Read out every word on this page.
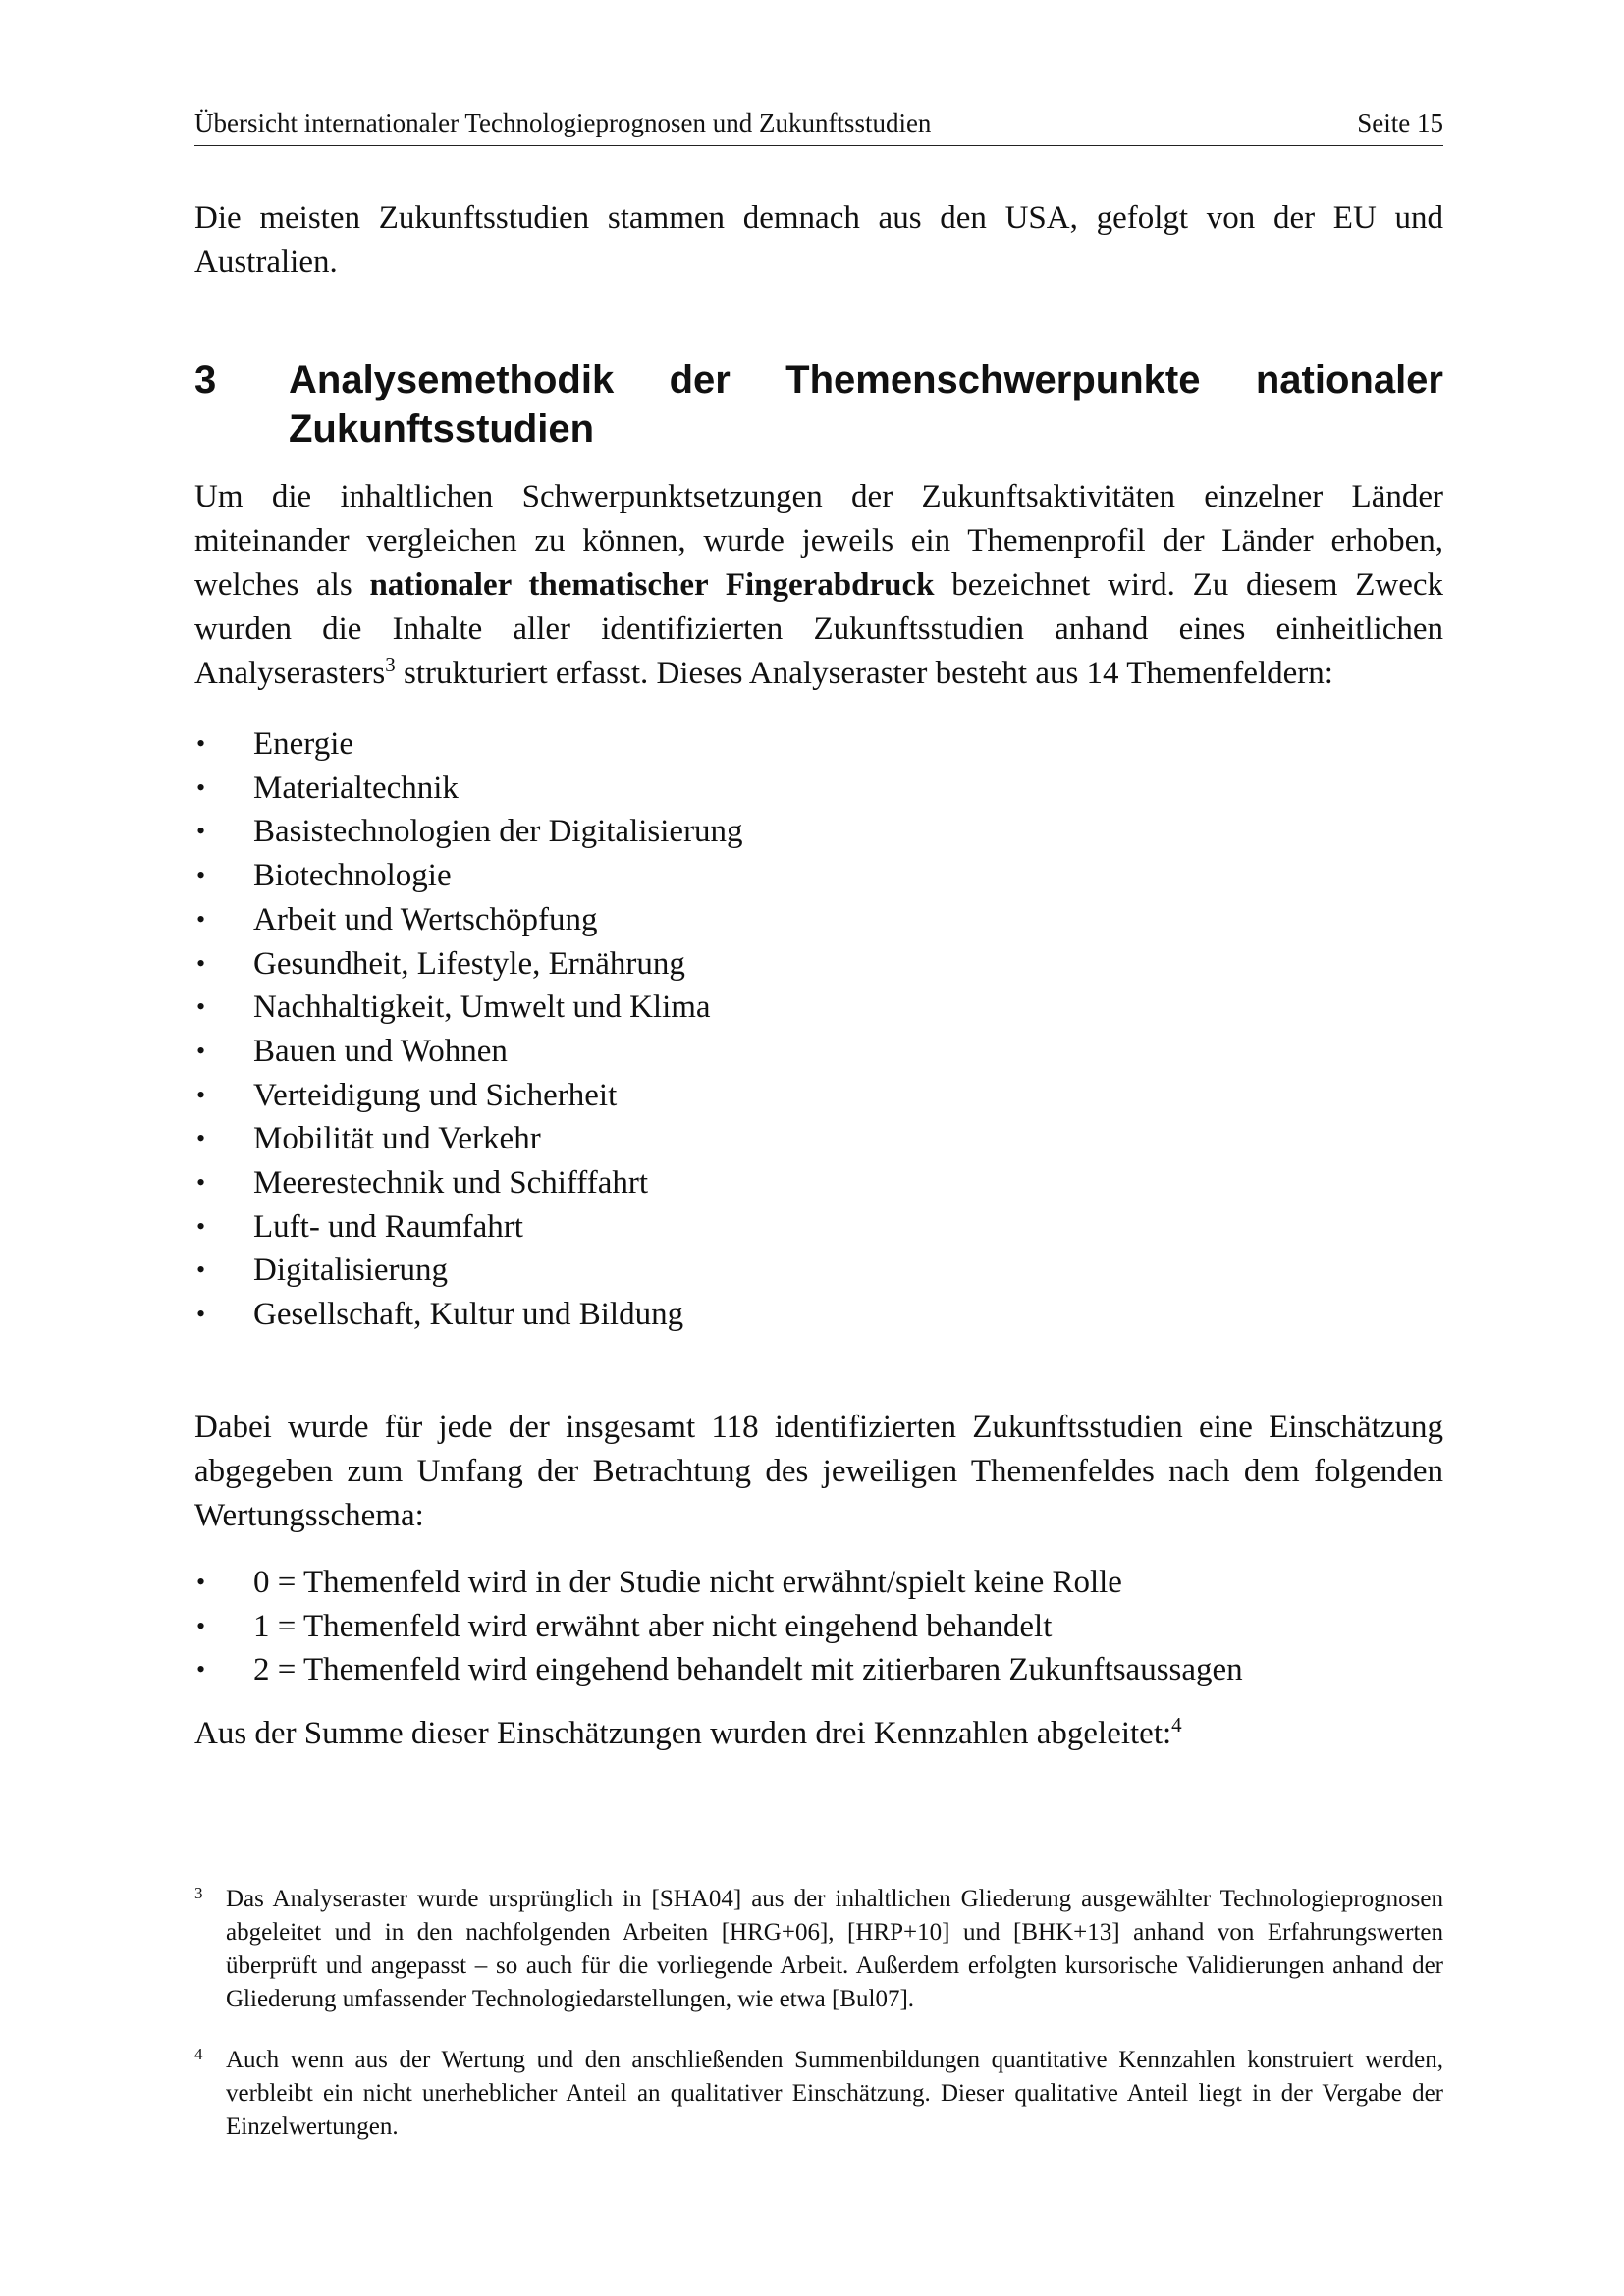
Übersicht internationaler Technologieprognosen und Zukunftsstudien	Seite 15

Die meisten Zukunftsstudien stammen demnach aus den USA, gefolgt von der EU und Australien.

3 Analysemethodik der Themenschwerpunkte nationaler Zukunftsstudien

Um die inhaltlichen Schwerpunktsetzungen der Zukunftsaktivitäten einzelner Länder miteinander vergleichen zu können, wurde jeweils ein Themenprofil der Länder erhoben, welches als nationaler thematischer Fingerabdruck bezeichnet wird. Zu diesem Zweck wurden die Inhalte aller identifizierten Zukunftsstudien anhand eines einheitlichen Analyserasters$^3$ strukturiert erfasst. Dieses Analyseraster besteht aus 14 Themenfeldern:

• Energie
• Materialtechnik
• Basistechnologien der Digitalisierung
• Biotechnologie
• Arbeit und Wertschöpfung
• Gesundheit, Lifestyle, Ernährung
• Nachhaltigkeit, Umwelt und Klima
• Bauen und Wohnen
• Verteidigung und Sicherheit
• Mobilität und Verkehr
• Meerestechnik und Schifffahrt
• Luft- und Raumfahrt
• Digitalisierung
• Gesellschaft, Kultur und Bildung

Dabei wurde für jede der insgesamt 118 identifizierten Zukunftsstudien eine Einschätzung abgegeben zum Umfang der Betrachtung des jeweiligen Themenfeldes nach dem folgenden Wertungsschema:

• 0 = Themenfeld wird in der Studie nicht erwähnt/spielt keine Rolle
• 1 = Themenfeld wird erwähnt aber nicht eingehend behandelt
• 2 = Themenfeld wird eingehend behandelt mit zitierbaren Zukunftsaussagen

Aus der Summe dieser Einschätzungen wurden drei Kennzahlen abgeleitet:$^4$

3 Das Analyseraster wurde ursprünglich in [SHA04] aus der inhaltlichen Gliederung ausgewählter Technologieprognosen abgeleitet und in den nachfolgenden Arbeiten [HRG+06], [HRP+10] und [BHK+13] anhand von Erfahrungswerten überprüft und angepasst – so auch für die vorliegende Arbeit. Außerdem erfolgten kursorische Validierungen anhand der Gliederung umfassender Technologiedarstellungen, wie etwa [Bul07].
4 Auch wenn aus der Wertung und den anschließenden Summenbildungen quantitative Kennzahlen konstruiert werden, verbleibt ein nicht unerheblicher Anteil an qualitativer Einschätzung. Dieser qualitative Anteil liegt in der Vergabe der Einzelwertungen.
